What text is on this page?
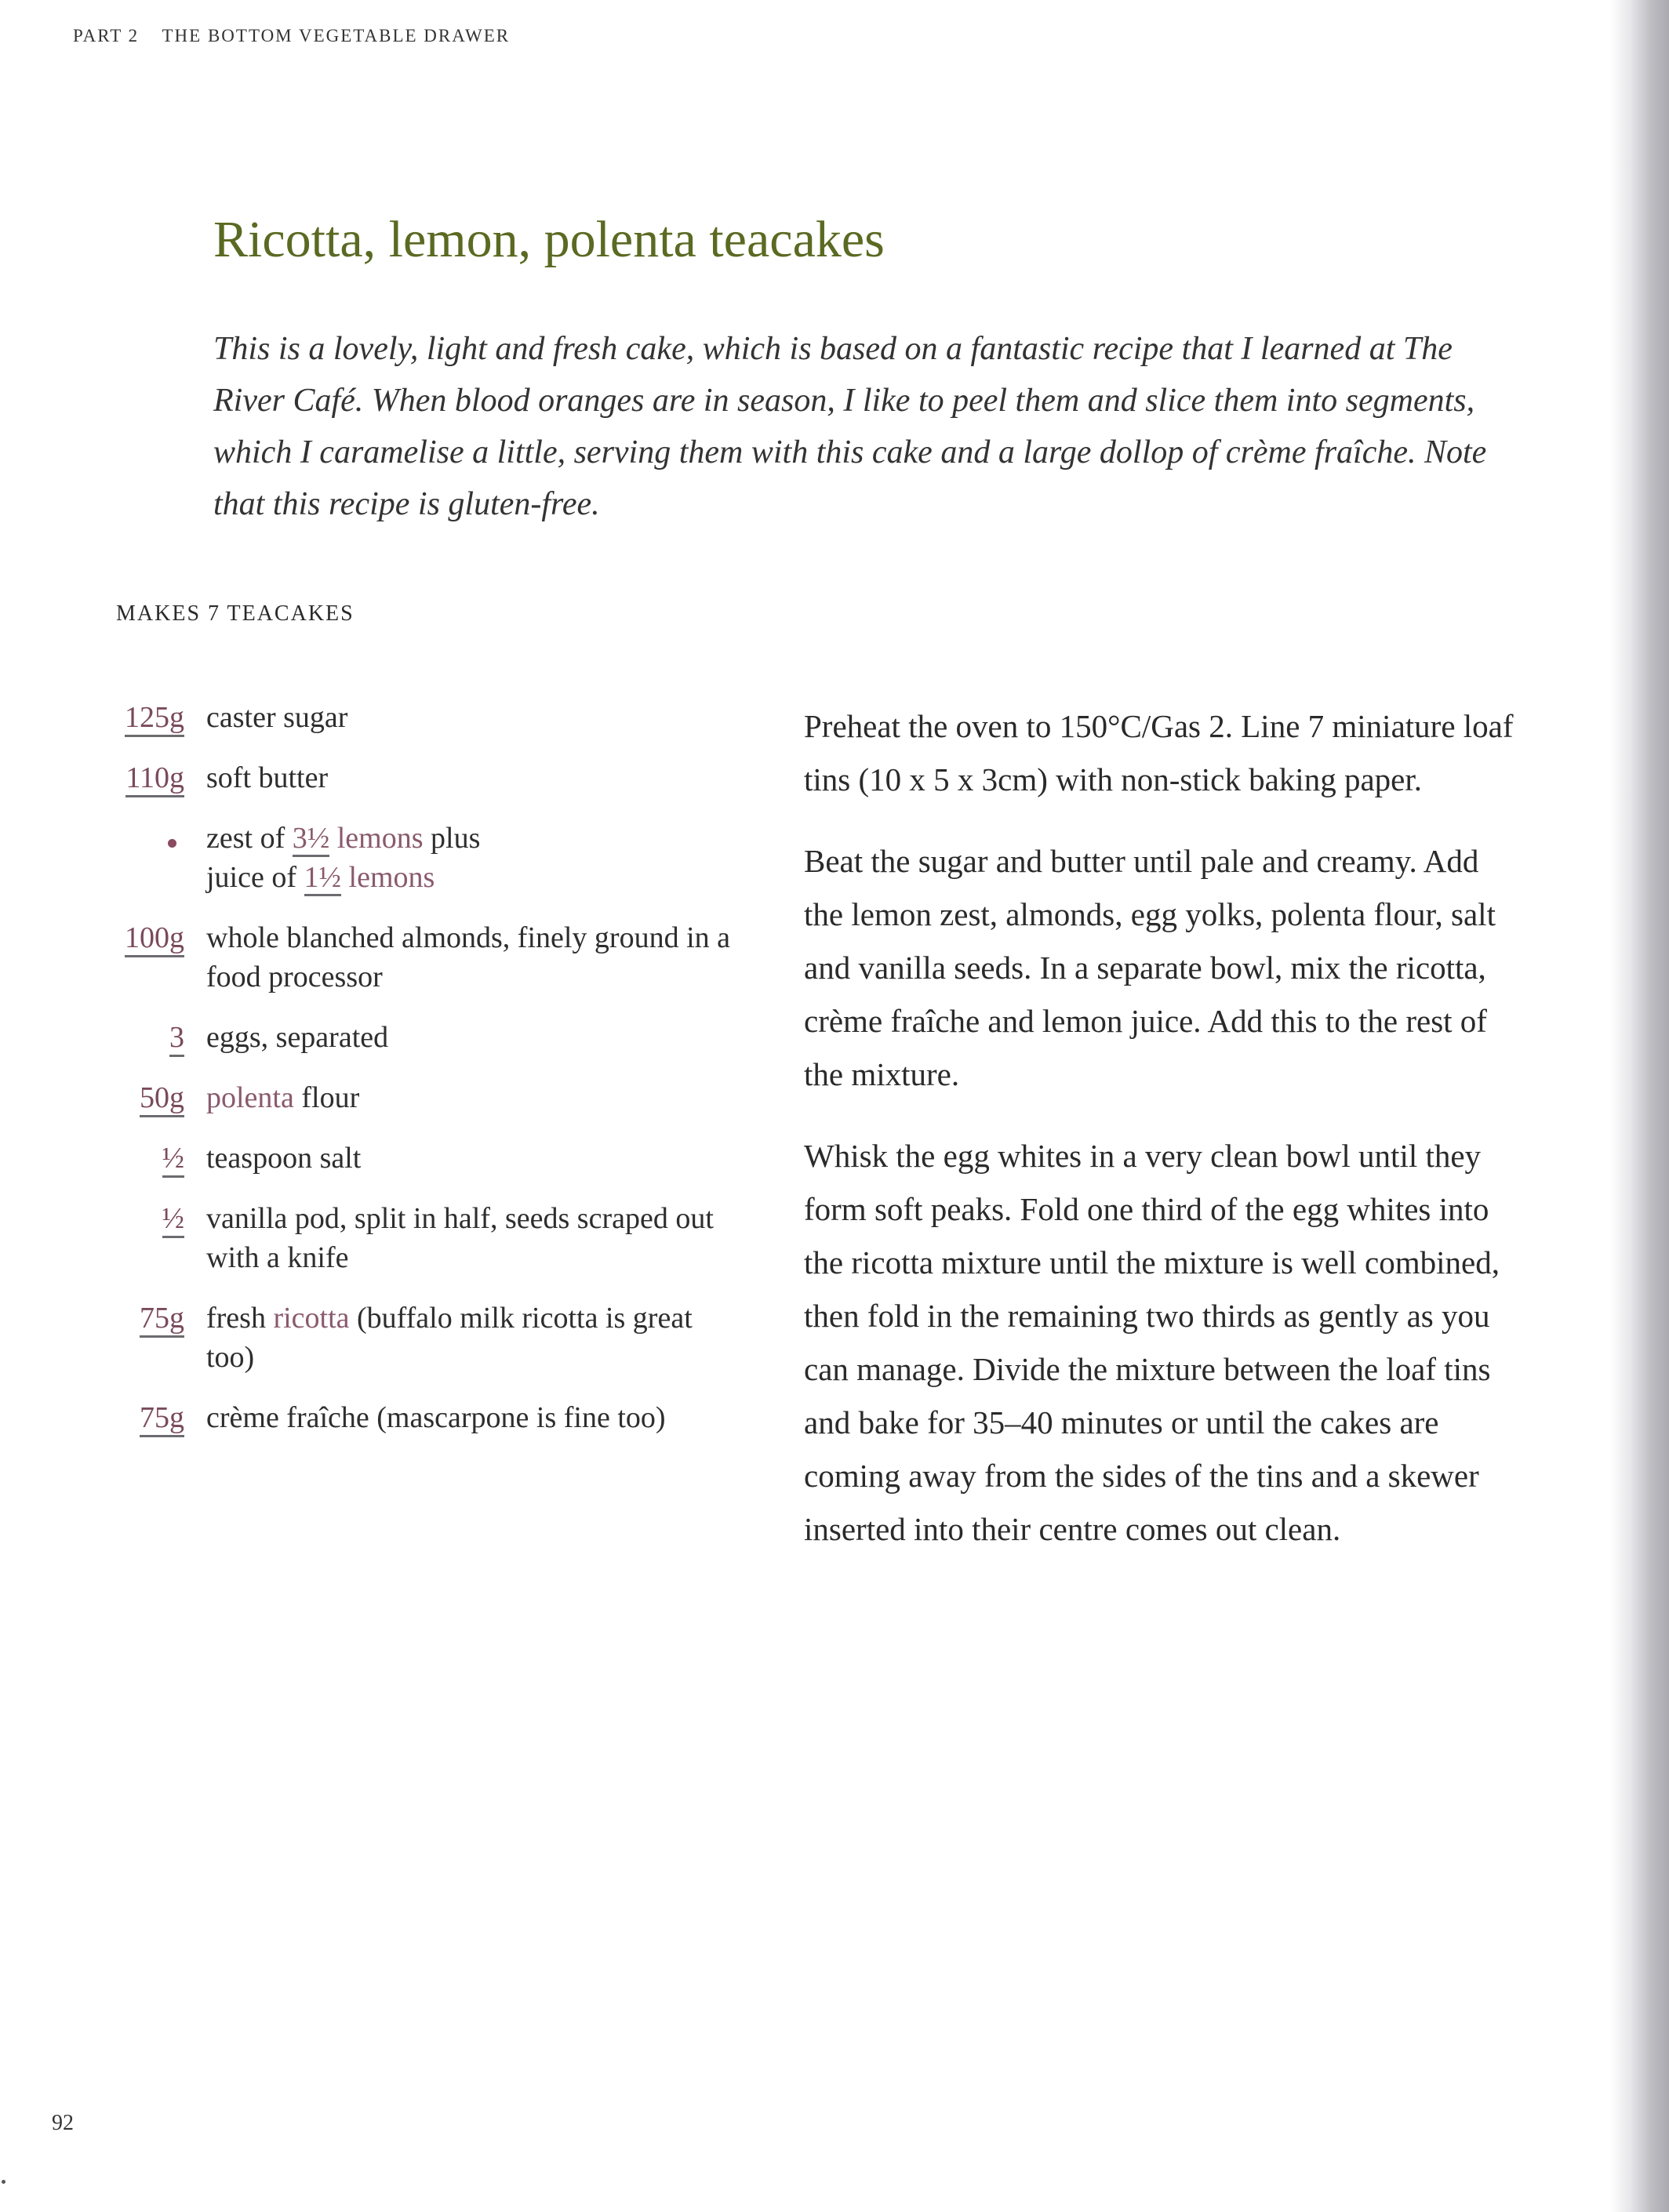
PART 2 THE BOTTOM VEGETABLE DRAWER
Ricotta, lemon, polenta teacakes

This is a lovely, light and fresh cake, which is based on a fantastic recipe that I learned at The River Café. When blood oranges are in season, I like to peel them and slice them into segments, which I caramelise a little, serving them with this cake and a large dollop of crème fraîche. Note that this recipe is gluten-free.

MAKES 7 TEACAKES
125g caster sugar
110g soft butter
zest of 3½ lemons plus
juice of 1½ lemons
100g whole blanched almonds, finely ground in a food processor
3 eggs, separated
50g polenta flour
½ teaspoon salt
½ vanilla pod, split in half, seeds scraped out with a knife
75g fresh ricotta (buffalo milk ricotta is great too)
75g crème fraîche (mascarpone is fine too)

Preheat the oven to 150°C/Gas 2. Line 7 miniature loaf tins (10 x 5 x 3cm) with non-stick baking paper.

Beat the sugar and butter until pale and creamy. Add the lemon zest, almonds, egg yolks, polenta flour, salt and vanilla seeds. In a separate bowl, mix the ricotta, crème fraîche and lemon juice. Add this to the rest of the mixture.

Whisk the egg whites in a very clean bowl until they form soft peaks. Fold one third of the egg whites into the ricotta mixture until the mixture is well combined, then fold in the remaining two thirds as gently as you can manage. Divide the mixture between the loaf tins and bake for 35–40 minutes or until the cakes are coming away from the sides of the tins and a skewer inserted into their centre comes out clean.

92
